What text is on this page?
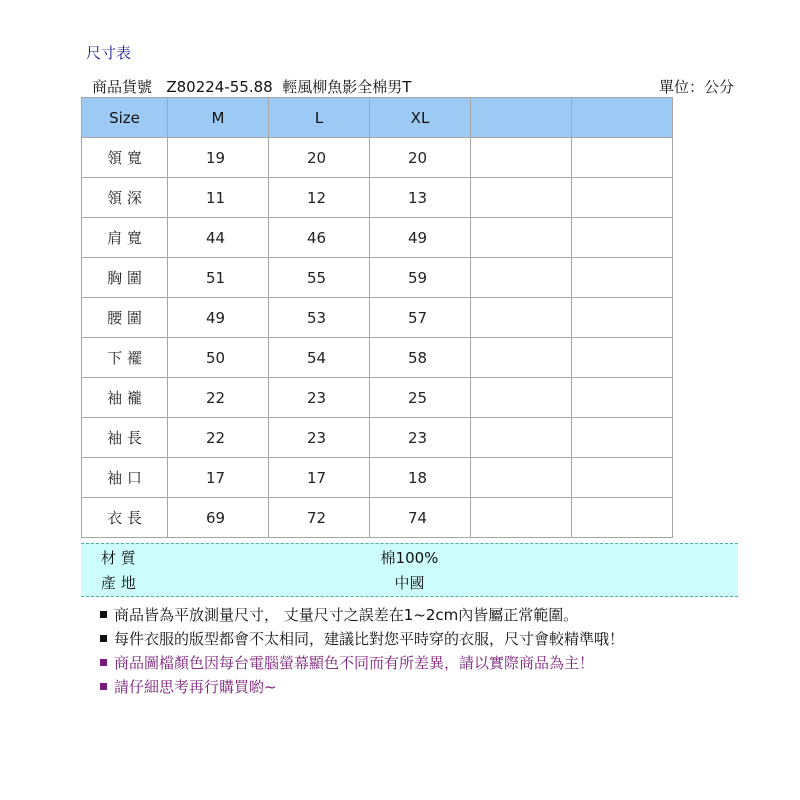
尺寸表
商品貨號 Z80224-55.88 輕風柳魚影全棉男T	單位：公分
Size	M	L	XL		
領 寬	19	20	20		
領 深	11	12	13		
肩 寬	44	46	49		
胸 圍	51	55	59		
腰 圍	49	53	57		
下 襬	50	54	58		
袖 襱	22	23	25		
袖 長	22	23	23		
袖 口	17	17	18		
衣 長	69	72	74		
材 質	棉100%
產 地	中國
商品皆為平放測量尺寸， 丈量尺寸之誤差在1~2cm內皆屬正常範圍。
每件衣服的版型都會不太相同，建議比對您平時穿的衣服，尺寸會較精準哦！
商品圖檔顏色因每台電腦螢幕顯色不同而有所差異，請以實際商品為主！
請仔細思考再行購買喲~
